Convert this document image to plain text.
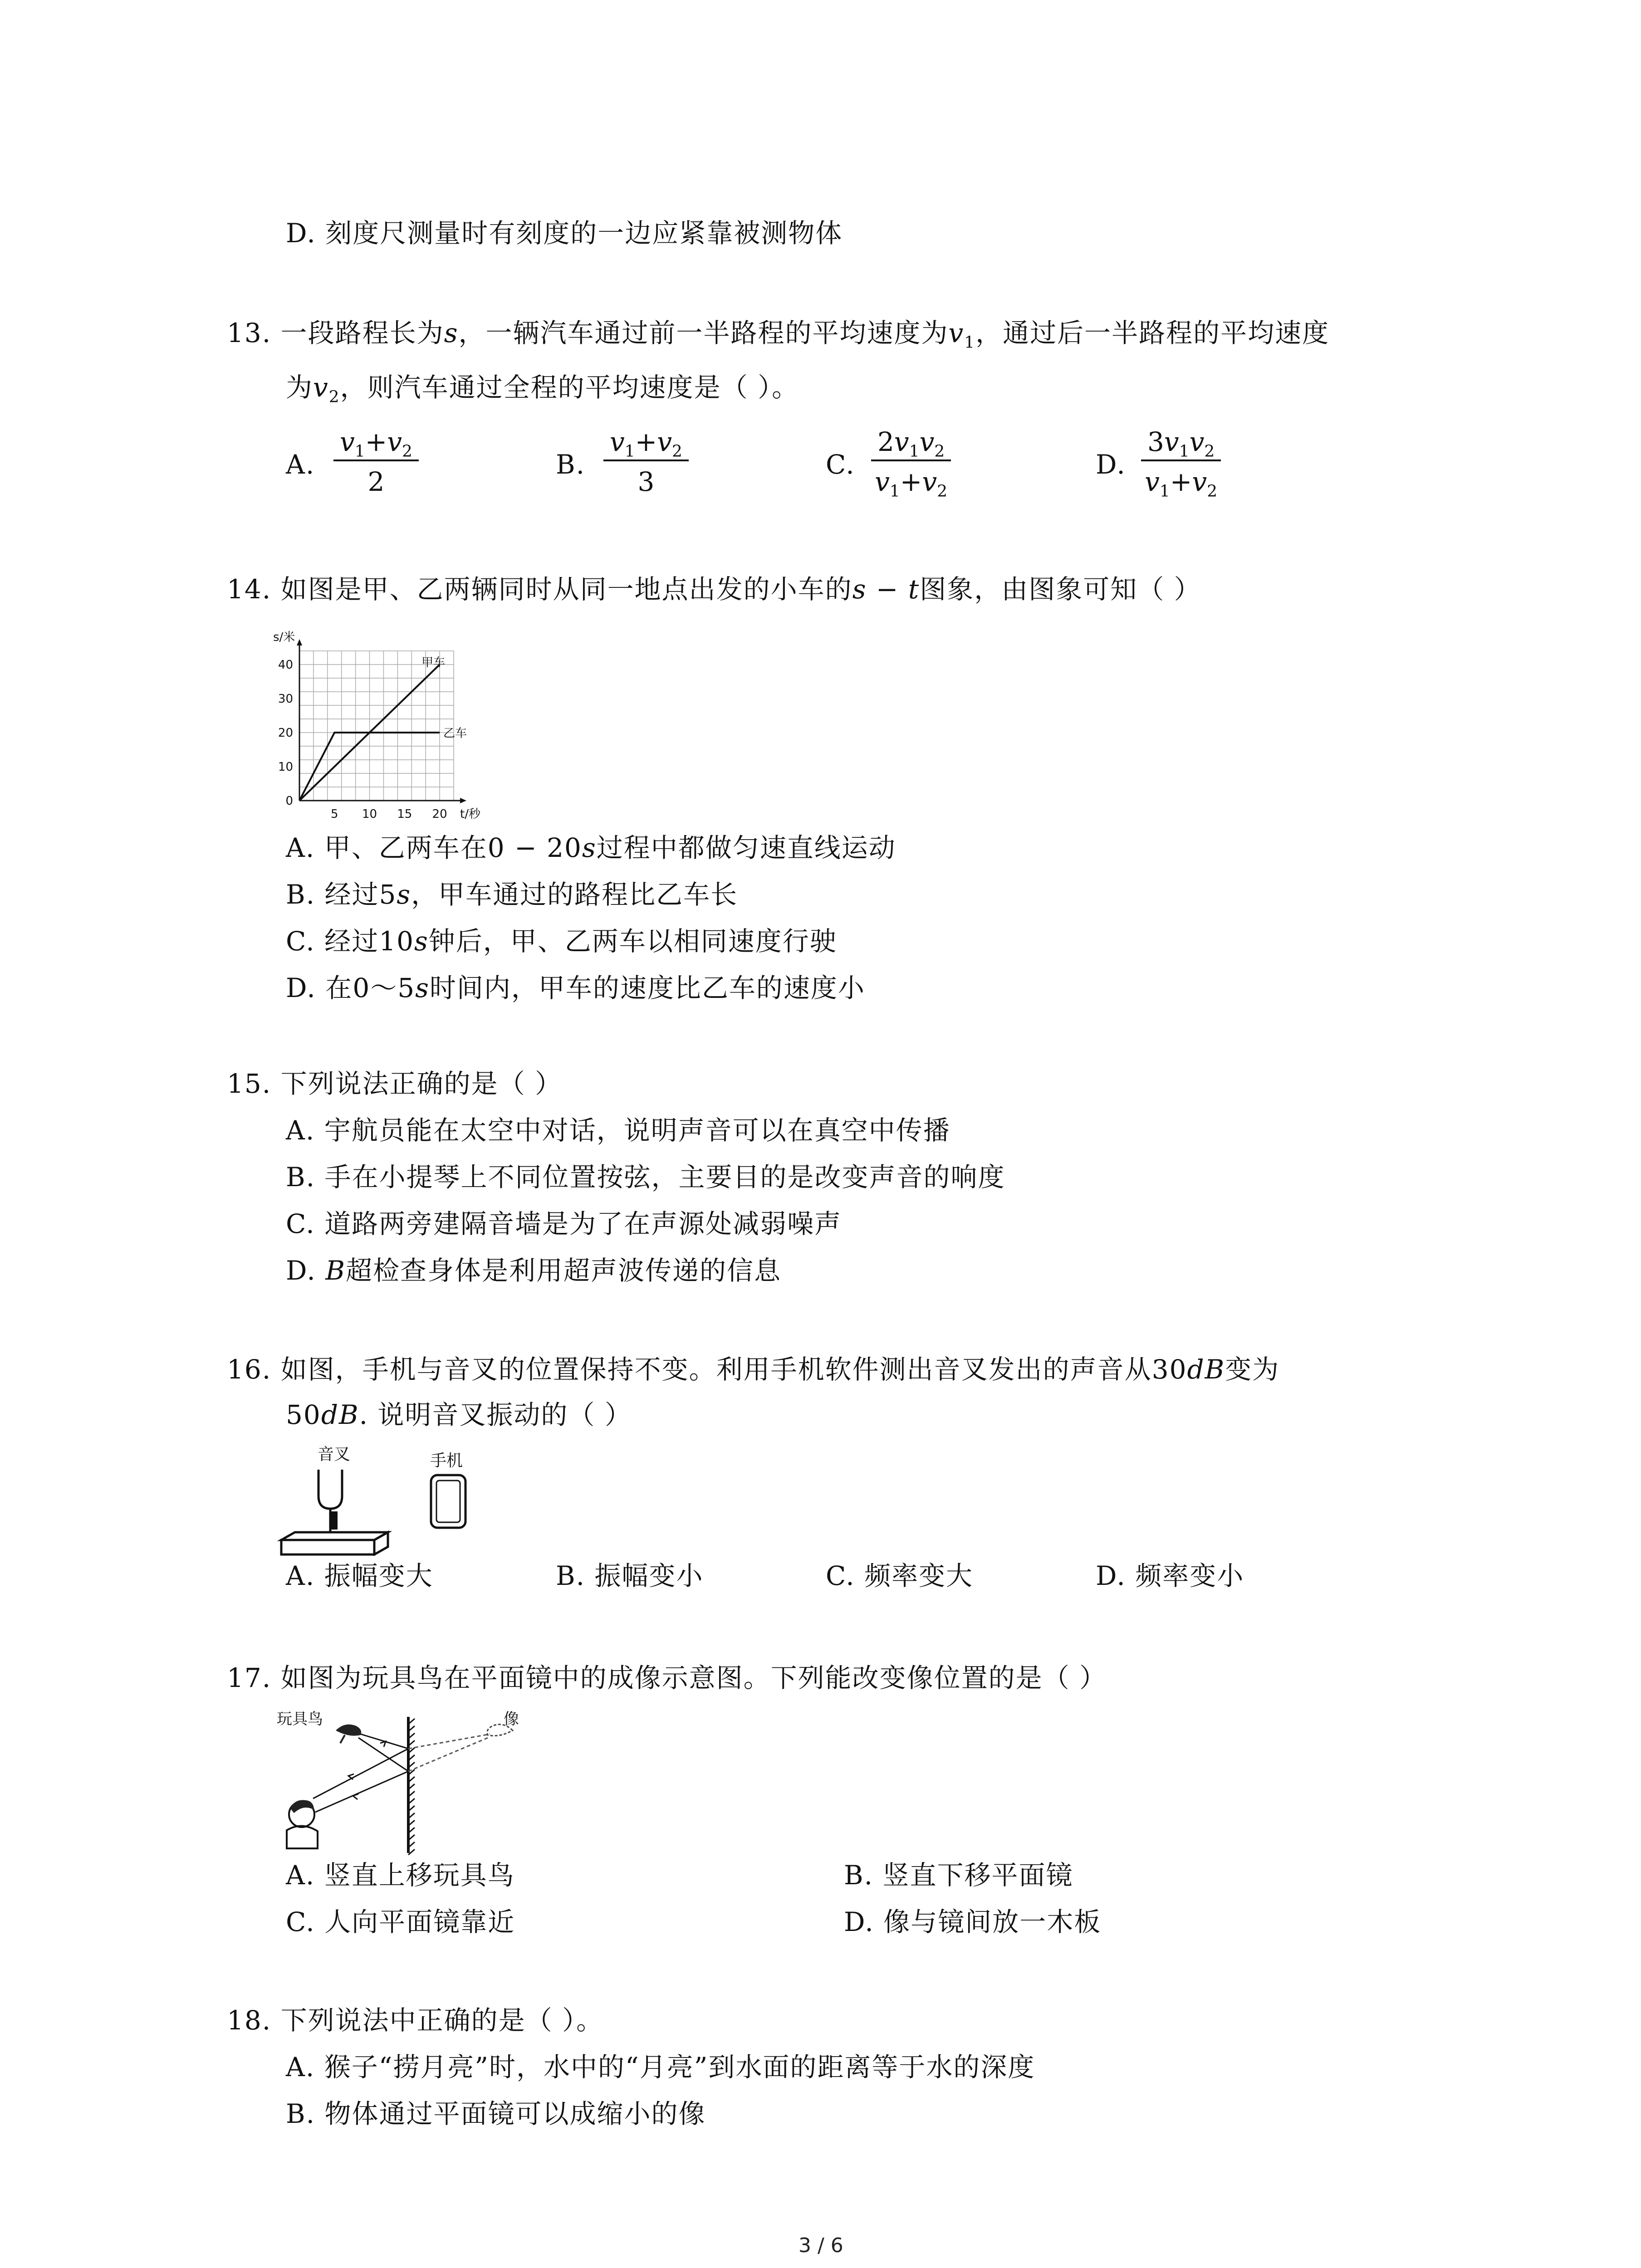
D. 刻度尺测量时有刻度的一边应紧靠被测物体
13. 一段路程长为s，一辆汽车通过前一半路程的平均速度为$v_1$，通过后一半路程的平均速度
为$v_2$，则汽车通过全程的平均速度是（ ）。
A. $\frac{v_1+v_2}{2}$	B. $\frac{v_1+v_2}{3}$	C. $\frac{2v_1v_2}{v_1+v_2}$	D. $\frac{3v_1v_2}{v_1+v_2}$
14. 如图是甲、乙两辆同时从同一地点出发的小车的s − t图象，由图象可知（ ）
s/米
t/秒
0
10
20
30
40
5 10 15 20
甲车
乙车
A. 甲、乙两车在0 − 20s过程中都做匀速直线运动
B. 经过5s，甲车通过的路程比乙车长
C. 经过10s钟后，甲、乙两车以相同速度行驶
D. 在0～5s时间内，甲车的速度比乙车的速度小
15. 下列说法正确的是（ ）
A. 宇航员能在太空中对话，说明声音可以在真空中传播
B. 手在小提琴上不同位置按弦，主要目的是改变声音的响度
C. 道路两旁建隔音墙是为了在声源处减弱噪声
D. B超检查身体是利用超声波传递的信息
16. 如图，手机与音叉的位置保持不变。利用手机软件测出音叉发出的声音从30dB变为
50dB. 说明音叉振动的（ ）
音叉	手机
A. 振幅变大	B. 振幅变小	C. 频率变大	D. 频率变小
17. 如图为玩具鸟在平面镜中的成像示意图。下列能改变像位置的是（ ）
玩具鸟	像
A. 竖直上移玩具鸟	B. 竖直下移平面镜
C. 人向平面镜靠近	D. 像与镜间放一木板
18. 下列说法中正确的是（ ）。
A. 猴子“捞月亮”时，水中的“月亮”到水面的距离等于水的深度
B. 物体通过平面镜可以成缩小的像
3 / 6
